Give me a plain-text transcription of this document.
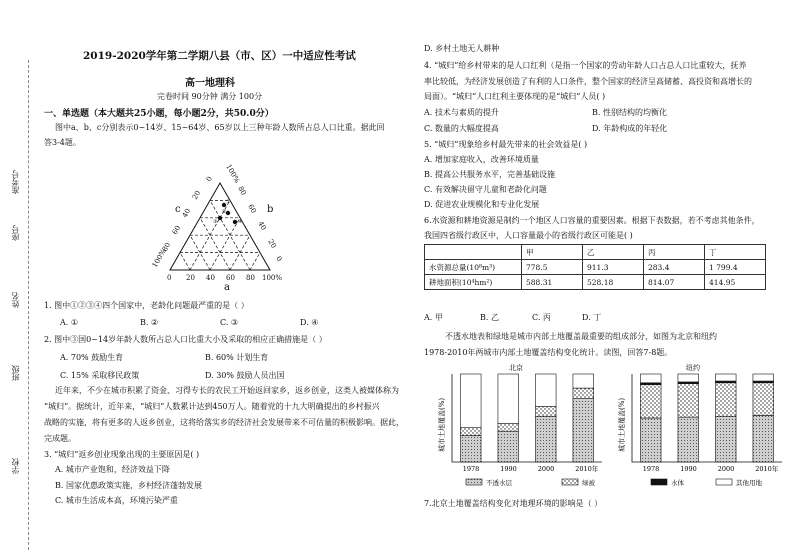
准考号
座号
姓名
班级
学校
2019-2020学年第二学期八县（市、区）一中适应性考试
高一地理科
完卷时间 90分钟 满分 100分
一、单选题（本大题共25小题，每小题2分，共50.0分）
图中a、b、c分别表示0~14岁、15~64岁、65岁以上三种年龄人数所占总人口比重。据此回
答3-4题。
①
②
③	④
0 20 40 60 80 100%
100%
80
60
40
20
0 100%
80
60
40
20
0
c	b
a
1. 图中①②③④四个国家中，老龄化问题最严重的是（ ）
A. ①	B. ②	C. ③	D. ④
2. 图中③国0~14岁年龄人数所占总人口比重大小及采取的相应正确措施是（ ）
A. 70% 鼓励生育	B. 60% 计划生育
C. 15% 采取移民政策	D. 30% 鼓励人员出国
近年来，不少在城市积累了资金、习得专长的农民工开始返回家乡，返乡创业，这类人被媒体称为
“城归”。据统计，近年来，“城归”人数累计达到450万人。随着党的十九大明确提出的乡村振兴
战略的实施，将有更多的人返乡创业，这将给落实乡的经济社会发展带来不可估量的积极影响。据此，
完成题。
3. “城归”返乡创业现象出现的主要原因是( )
A. 城市产业饱和，经济效益下降
B. 国家优惠政策实施，乡村经济蓬勃发展
C. 城市生活成本高，环境污染严重
D. 乡村土地无人耕种
4. “城归”给乡村带来的是人口红利（是指一个国家的劳动年龄人口占总人口比重较大，抚养
率比较低，为经济发展创造了有利的人口条件，整个国家的经济呈高储蓄、高投资和高增长的
局面）。“城归”人口红利主要体现的是“城归”人员( )
A. 技术与素质的提升	B. 性别结构的均衡化
C. 数量的大幅度提高	D. 年龄构成的年轻化
5. “城归”现象给乡村最先带来的社会效益是( )
A. 增加家庭收入，改善环境质量
B. 提高公共服务水平，完善基础设施
C. 有效解决留守儿童和老龄化问题
D. 促进农业规模化和专业化发展
6.水资源和耕地资源是制约一个地区人口容量的重要因素。根据下表数据，若不考虑其他条件，
我国四省级行政区中，人口容量最小的省级行政区可能是( )
	甲	乙	丙	丁
水资源总量(10⁸m³)	778.5	911.3	283.4	1 799.4
耕地面积(10⁴hm²)	588.31	528.18	814.07	414.95
A. 甲	B. 乙	C. 丙	D. 丁
不透水地表和绿地是城市内部土地覆盖最重要的组成部分，如图为北京和纽约
1978-2010年两城市内部土地覆盖结构变化统计。读图，回答7-8题。
城市土地覆盖(%)	城市土地覆盖(%)
北京	纽约
1978	1990	2000	2010年	1978	1990	2000	2010年
不透水层	绿被	水体	其他用地
7.北京土地覆盖结构变化对地理环境的影响是（ ）
